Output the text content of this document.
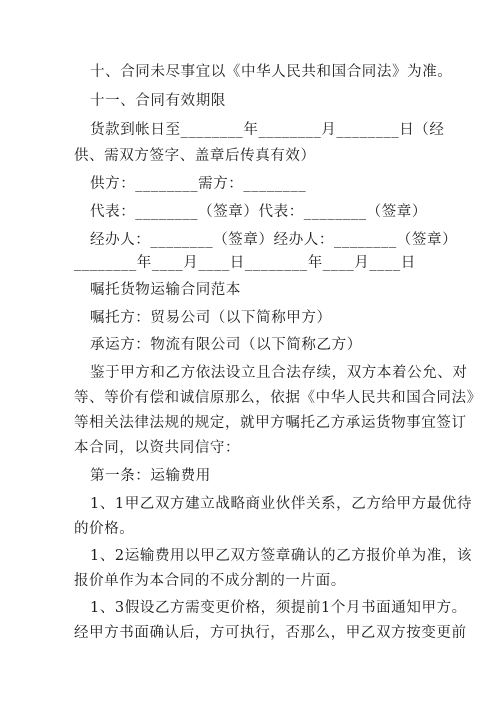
十、合同未尽事宜以《中华人民共和国合同法》为准。
十一、合同有效期限
货款到帐日至________年________月________日（经
供、需双方签字、盖章后传真有效）
供方：________需方：________
代表：________（签章）代表：________（签章）
经办人：________（签章）经办人：________（签章）
________年____月____日________年____月____日
嘱托货物运输合同范本
嘱托方：贸易公司（以下简称甲方）
承运方：物流有限公司（以下简称乙方）
鉴于甲方和乙方依法设立且合法存续，双方本着公允、对
等、等价有偿和诚信原那么，依据《中华人民共和国合同法》
等相关法律法规的规定，就甲方嘱托乙方承运货物事宜签订
本合同，以资共同信守：
第一条：运输费用
1、1甲乙双方建立战略商业伙伴关系，乙方给甲方最优待
的价格。
1、2运输费用以甲乙双方签章确认的乙方报价单为准，该
报价单作为本合同的不成分割的一片面。
1、3假设乙方需变更价格，须提前1个月书面通知甲方。
经甲方书面确认后，方可执行，否那么，甲乙双方按变更前
